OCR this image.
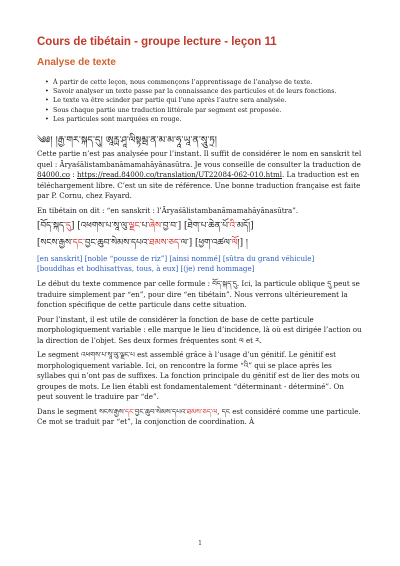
Cours de tibétain - groupe lecture - leçon 11
Analyse de texte
• À partir de cette leçon, nous commençons l’apprentissage de l’analyse de texte.
• Savoir analyser un texte passe par la connaissance des particules et de leurs fonctions.
• Le texte va être scinder par partie qui l’une après l’autre sera analysée.
• Sous chaque partie une traduction littérale par segment est proposée.
• Les particules sont marquées en rouge.

༄༅། །རྒྱ་གར་སྐད་དུ། ཨཱརྻ་ཤཱ་ལིསྟམྦ་ན་མ་མ་ཧཱ་ཡཱ་ན་སཱུ་ཏྲ།

Cette partie n’est pas analysée pour l’instant. Il suffit de considérer le nom en sanskrit tel quel : Āryaśālistambanāmamahāyānasūtra. Je vous conseille de consulter la traduction de 84000.co : https://read.84000.co/translation/UT22084-062-010.html. La traduction est en téléchargement libre. C’est un site de référence. Une bonne traduction française est faite par P. Cornu, chez Fayard.

En tibétain on dit : “en sanskrit : l’Āryaśālistambanāmamahāyānasūtra”.

[བོད་སྐད་དུ] [འཕགས་པ་སཱ་ལུ་ལྗང་པ་ཞེས་བྱ་བ་] [ཐེག་པ་ཆེན་པོ་འི་མདོ།]

[སངས་རྒྱས་དང་བྱང་ཆུབ་སེམས་དཔའ་ཐམས་ཅད་ལ་] [ཕྱག་འཚལ་ལོ།] །

[en sanskrit] [noble “pousse de riz”] [ainsi nommé] [sûtra du grand véhicule]
[bouddhas et bodhisattvas, tous, à eux] [(je) rend hommage]

Le début du texte commence par celle formule : བོད་སྐད་དུ. Ici, la particule oblique དུ peut se traduire simplement par “en”, pour dire “en tibétain”. Nous verrons ultérieurement la fonction spécifique de cette particule dans cette situation.

Pour l’instant, il est utile de considérer la fonction de base de cette particule morphologiquement variable : elle marque le lieu d’incidence, là où est dirigée l’action ou la direction de l’objet. Ses deux formes fréquentes sont ལ et ར.

Le segment འཕགས་པ་སཱ་ལུ་ལྗང་པ est assemblé grâce à l’usage d’un génitif. Le génitif est morphologiquement variable. Ici, on rencontre la forme “འི” qui se place après les syllabes qui n’ont pas de suffixes. La fonction principale du génitif est de lier des mots ou groupes de mots. Le lien établi est fondamentalement “déterminant - déterminé”. On peut souvent le traduire par “de”.

Dans le segment སངས་རྒྱས་དང་བྱང་ཆུབ་སེམས་དཔའ་ཐམས་ཅད་ལ, དང est considéré comme une particule. Ce mot se traduit par “et”, la conjonction de coordination. À

1
